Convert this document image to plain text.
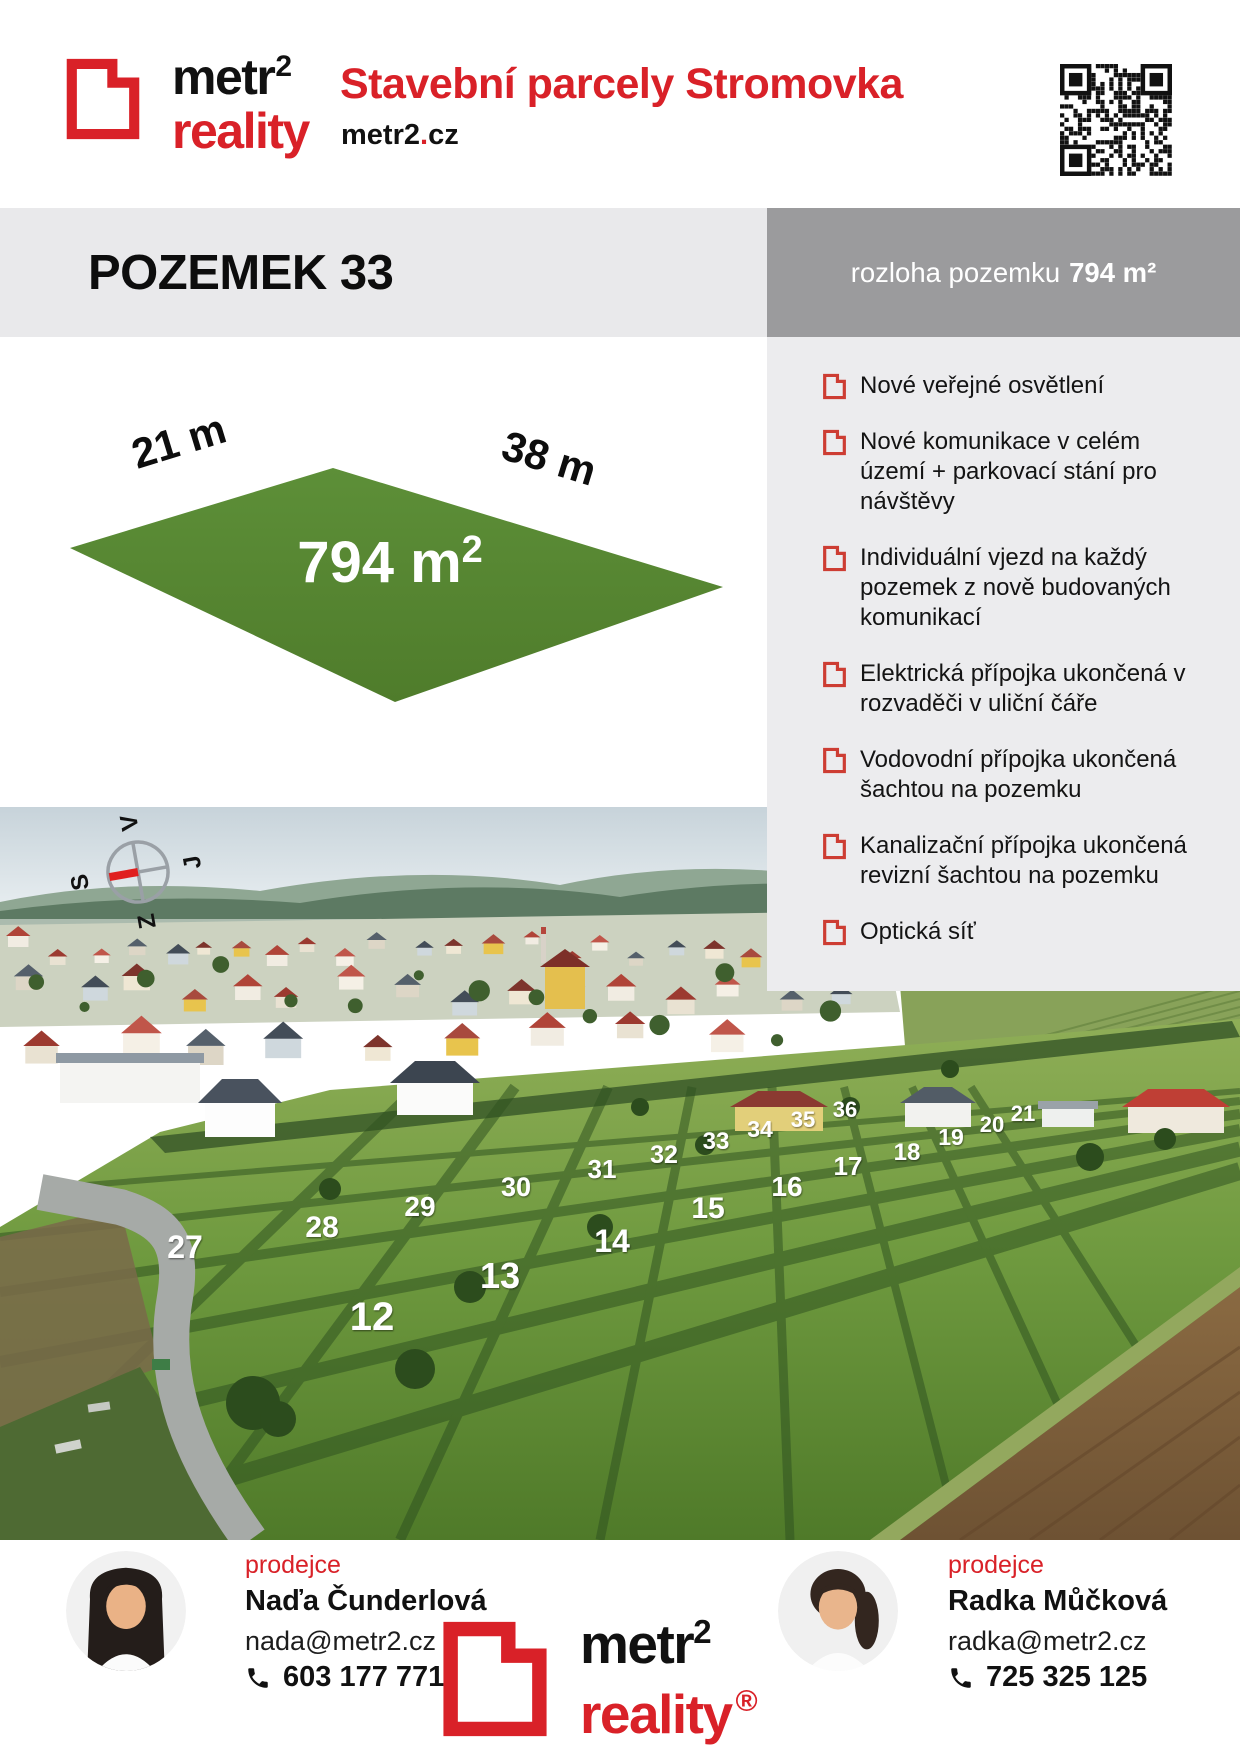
S
J
V
Z
12
13
14
15
16
17 18
19 20 21
27
28
29
30
31 32 33 34 35 36
metr$^2$
reality
Stavební parcely Stromovka
metr2.cz
POZEMEK 33	rozloha pozemku 794 m²
Nové veřejné osvětlení
Nové komunikace v celém území + parkovací stání pro návštěvy
Individuální vjezd na každý pozemek z nově budovaných komunikací
Elektrická přípojka ukončená v rozvaděči v uliční čáře
Vodovodní přípojka ukončená šachtou na pozemku
Kanalizační přípojka ukončená revizní šachtou na pozemku
Optická síť
21 m	38 m
794 $m^2$
prodejce
Naďa Čunderlová
nada@metr2.cz
603 177 771
metr$^2$
reality ®
prodejce
Radka Můčková
radka@metr2.cz
725 325 125
